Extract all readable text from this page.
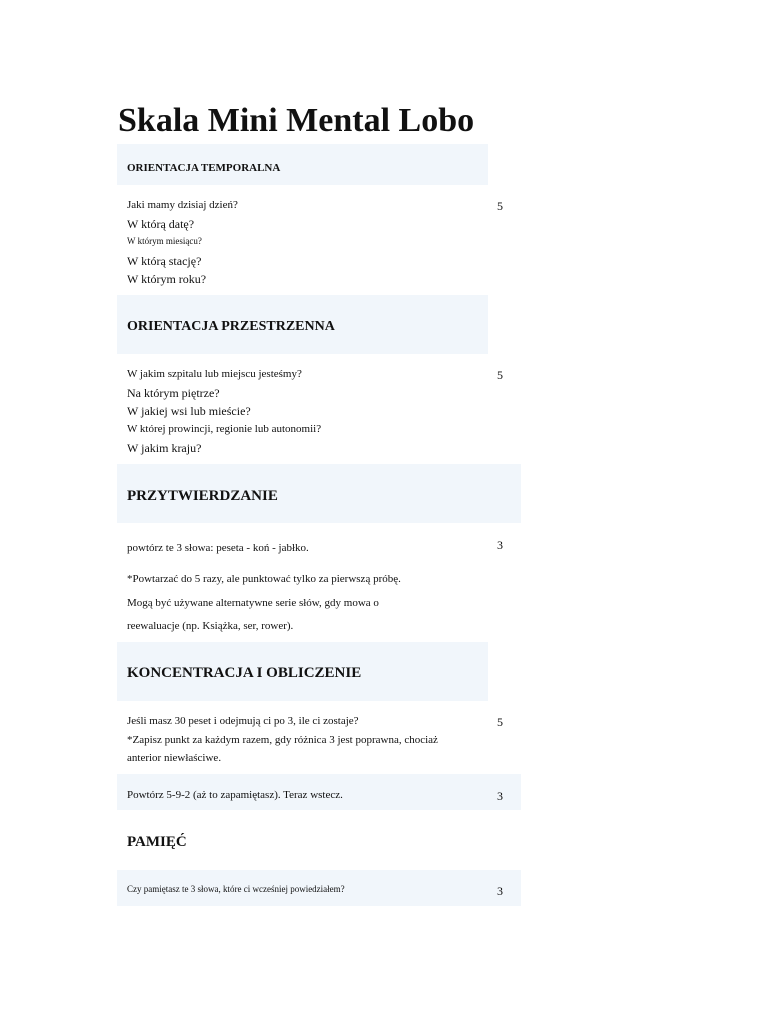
Skala Mini Mental Lobo
ORIENTACJA TEMPORALNA
Jaki mamy dzisiaj dzień?	5
W którą datę?
W którym miesiącu?
W którą stację?
W którym roku?
ORIENTACJA PRZESTRZENNA
W jakim szpitalu lub miejscu jesteśmy?	5
Na którym piętrze?
W jakiej wsi lub mieście?
W której prowincji, regionie lub autonomii?
W jakim kraju?
PRZYTWIERDZANIE
powtórz te 3 słowa: peseta - koń - jabłko.	3
*Powtarzać do 5 razy, ale punktować tylko za pierwszą próbę.
Mogą być używane alternatywne serie słów, gdy mowa o
reewaluacje (np. Książka, ser, rower).
KONCENTRACJA I OBLICZENIE
Jeśli masz 30 peset i odejmują ci po 3, ile ci zostaje?	5
*Zapisz punkt za każdym razem, gdy różnica 3 jest poprawna, chociaż
anterior niewłaściwe.
Powtórz 5-9-2 (aż to zapamiętasz). Teraz wstecz.	3
PAMIĘĆ
Czy pamiętasz te 3 słowa, które ci wcześniej powiedziałem?	3
